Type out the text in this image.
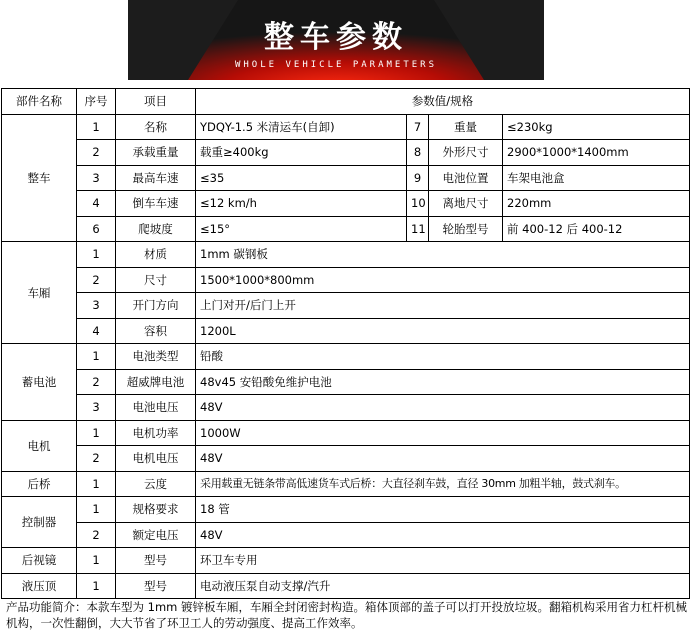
整车参数
WHOLE VEHICLE PARAMETERS
部件名称	序号	项目	参数值/规格			
整车	1	名称	YDQY-1.5 米清运车(自卸)	7	重量	≤230kg
	2	承载重量	载重≥400kg	8	外形尺寸	2900*1000*1400mm
	3	最高车速	≤35	9	电池位置	车架电池盒
	4	倒车车速	≤12 km/h	10	离地尺寸	220mm
	6	爬坡度	≤15°	11	轮胎型号	前 400-12 后 400-12
车厢	1	材质	1mm 碳钢板			
	2	尺寸	1500*1000*800mm			
	3	开门方向	上门对开/后门上开			
	4	容积	1200L			
蓄电池	1	电池类型	铅酸			
	2	超威牌电池	48v45 安铅酸免维护电池			
	3	电池电压	48V			
电机	1	电机功率	1000W			
	2	电机电压	48V			
后桥	1	云度	采用载重无链条带高低速货车式后桥：大直径刹车鼓，直径 30mm 加粗半轴，鼓式刹车。			
控制器	1	规格要求	18 管			
	2	额定电压	48V			
后视镜	1	型号	环卫车专用			
液压顶	1	型号	电动液压泵自动支撑/汽升			
产品功能简介：本款车型为 1mm 镀锌板车厢，车厢全封闭密封构造。箱体顶部的盖子可以打开投放垃圾。翻箱机构采用省力杠杆机械机构，一次性翻倒，大大节省了环卫工人的劳动强度、提高工作效率。
